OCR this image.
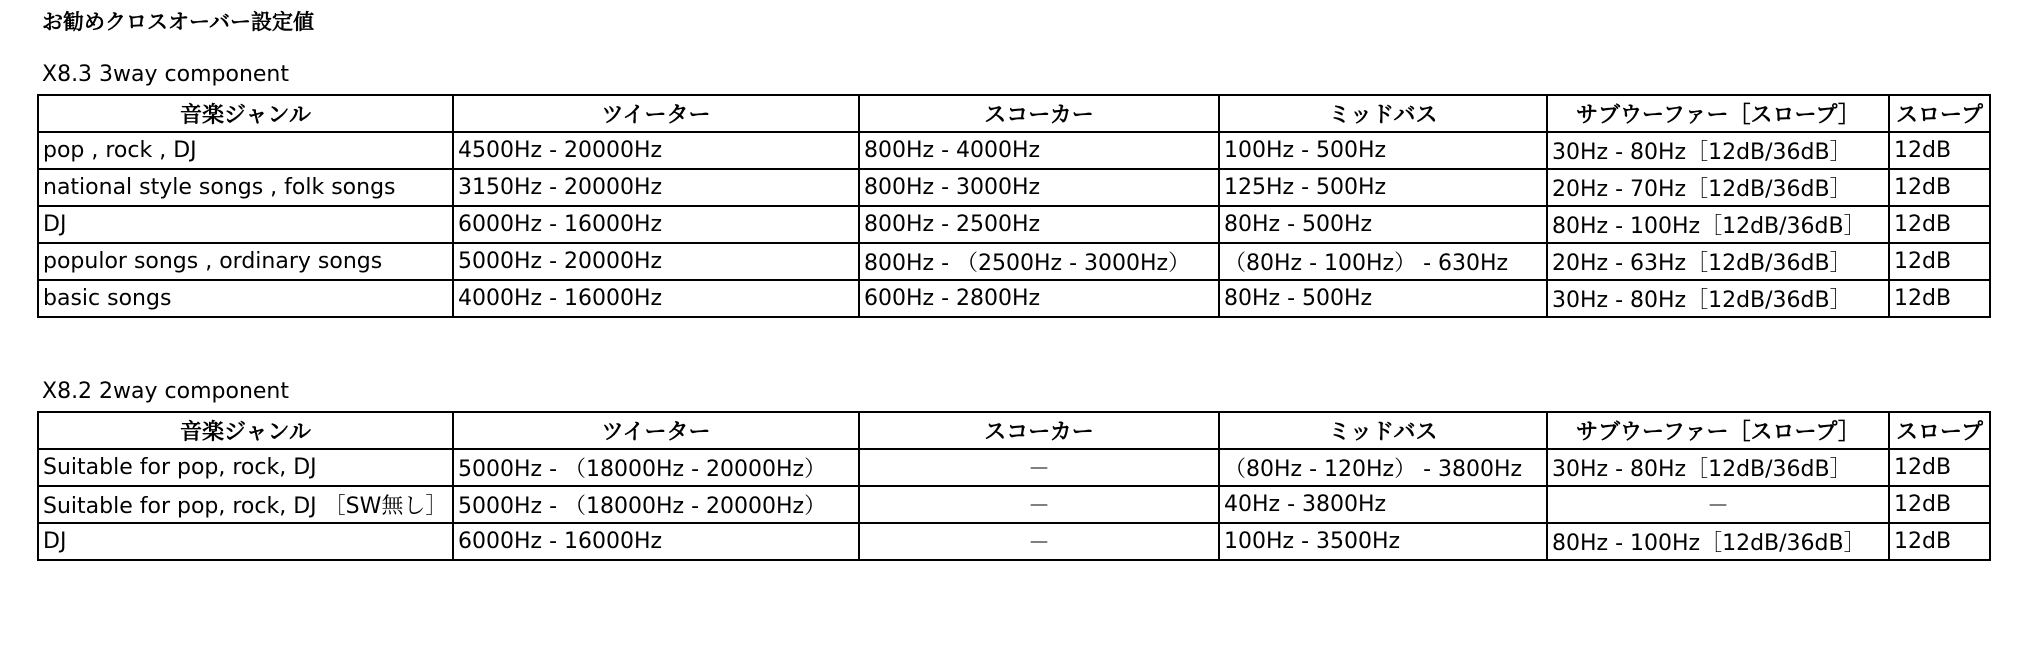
お勧めクロスオーバー設定値
X8.3 3way component
音楽ジャンル	ツイーター	スコーカー	ミッドバス	サブウーファー［スロープ］	スロープ
pop , rock , DJ	4500Hz - 20000Hz	800Hz - 4000Hz	100Hz - 500Hz	30Hz - 80Hz［12dB/36dB］	12dB
national style songs , folk songs	3150Hz - 20000Hz	800Hz - 3000Hz	125Hz - 500Hz	20Hz - 70Hz［12dB/36dB］	12dB
DJ	6000Hz - 16000Hz	800Hz - 2500Hz	80Hz - 500Hz	80Hz - 100Hz［12dB/36dB］	12dB
populor songs , ordinary songs	5000Hz - 20000Hz	800Hz - （2500Hz - 3000Hz）	（80Hz - 100Hz） - 630Hz	20Hz - 63Hz［12dB/36dB］	12dB
basic songs	4000Hz - 16000Hz	600Hz - 2800Hz	80Hz - 500Hz	30Hz - 80Hz［12dB/36dB］	12dB
X8.2 2way component
音楽ジャンル	ツイーター	スコーカー	ミッドバス	サブウーファー［スロープ］	スロープ
Suitable for pop, rock, DJ	5000Hz - （18000Hz - 20000Hz）	－	（80Hz - 120Hz） - 3800Hz	30Hz - 80Hz［12dB/36dB］	12dB
Suitable for pop, rock, DJ ［SW無し］	5000Hz - （18000Hz - 20000Hz）	－	40Hz - 3800Hz	－	12dB
DJ	6000Hz - 16000Hz	－	100Hz - 3500Hz	80Hz - 100Hz［12dB/36dB］	12dB
